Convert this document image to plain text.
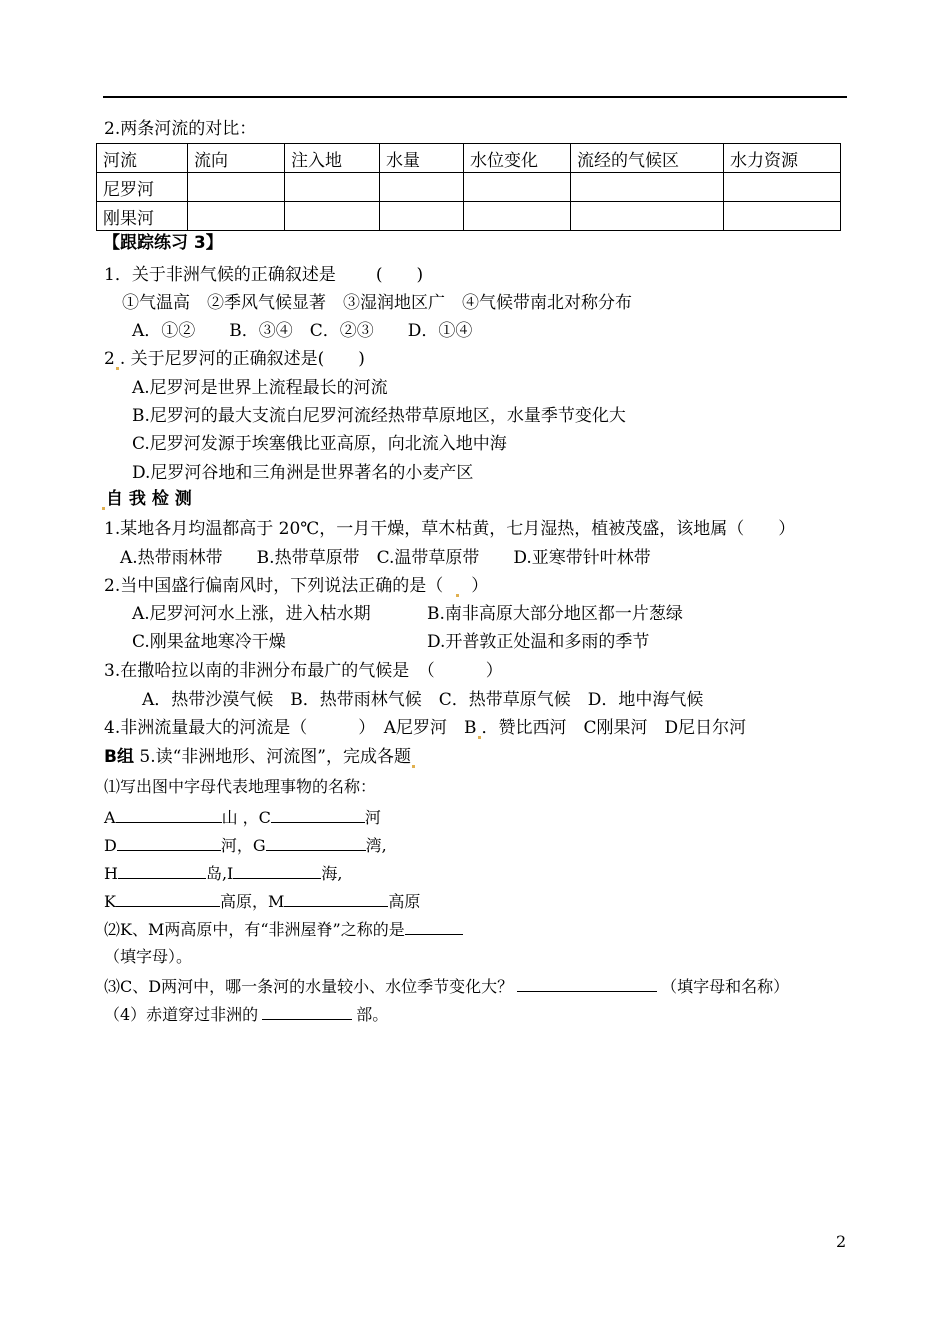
2.两条河流的对比：
河流	流向	注入地	水量	水位变化	流经的气候区	水力资源
尼罗河						
刚果河						
【跟踪练习 3】
1．关于非洲气候的正确叙述是 (　　)
①气温高　②季风气候显著　③湿润地区广　④气候带南北对称分布
A．①②　　B．③④　C．②③　　D．①④
2 . 关于尼罗河的正确叙述是(　　)
A.尼罗河是世界上流程最长的河流
B.尼罗河的最大支流白尼罗河流经热带草原地区，水量季节变化大
C.尼罗河发源于埃塞俄比亚高原，向北流入地中海
D.尼罗河谷地和三角洲是世界著名的小麦产区
自 我 检 测
1.某地各月均温都高于 20℃，一月干燥，草木枯黄，七月湿热，植被茂盛，该地属（　　）
A.热带雨林带　　B.热带草原带　C.温带草原带　　D.亚寒带针叶林带
2.当中国盛行偏南风时，下列说法正确的是（ ）
A.尼罗河河水上涨，进入枯水期	B.南非高原大部分地区都一片葱绿
C.刚果盆地寒冷干燥	D.开普敦正处温和多雨的季节
3.在撒哈拉以南的非洲分布最广的气候是　（　　　）
A．热带沙漠气候　B．热带雨林气候　C．热带草原气候　D．地中海气候
4.非洲流量最大的河流是（　　　）　A尼罗河　B ．赞比西河　C刚果河　D尼日尔河
B组 5.读“非洲地形、河流图”，完成各题
⑴写出图中字母代表地理事物的名称：
A	山 ，C	河
D	河，G	湾,
H	岛,I	海,
K	高原，M	高原
⑵K、M两高原中，有“非洲屋脊”之称的是
（填字母）。
⑶C、D两河中，哪一条河的水量较小、水位季节变化大？	（填字母和名称）
（4）赤道穿过非洲的	部。
2
